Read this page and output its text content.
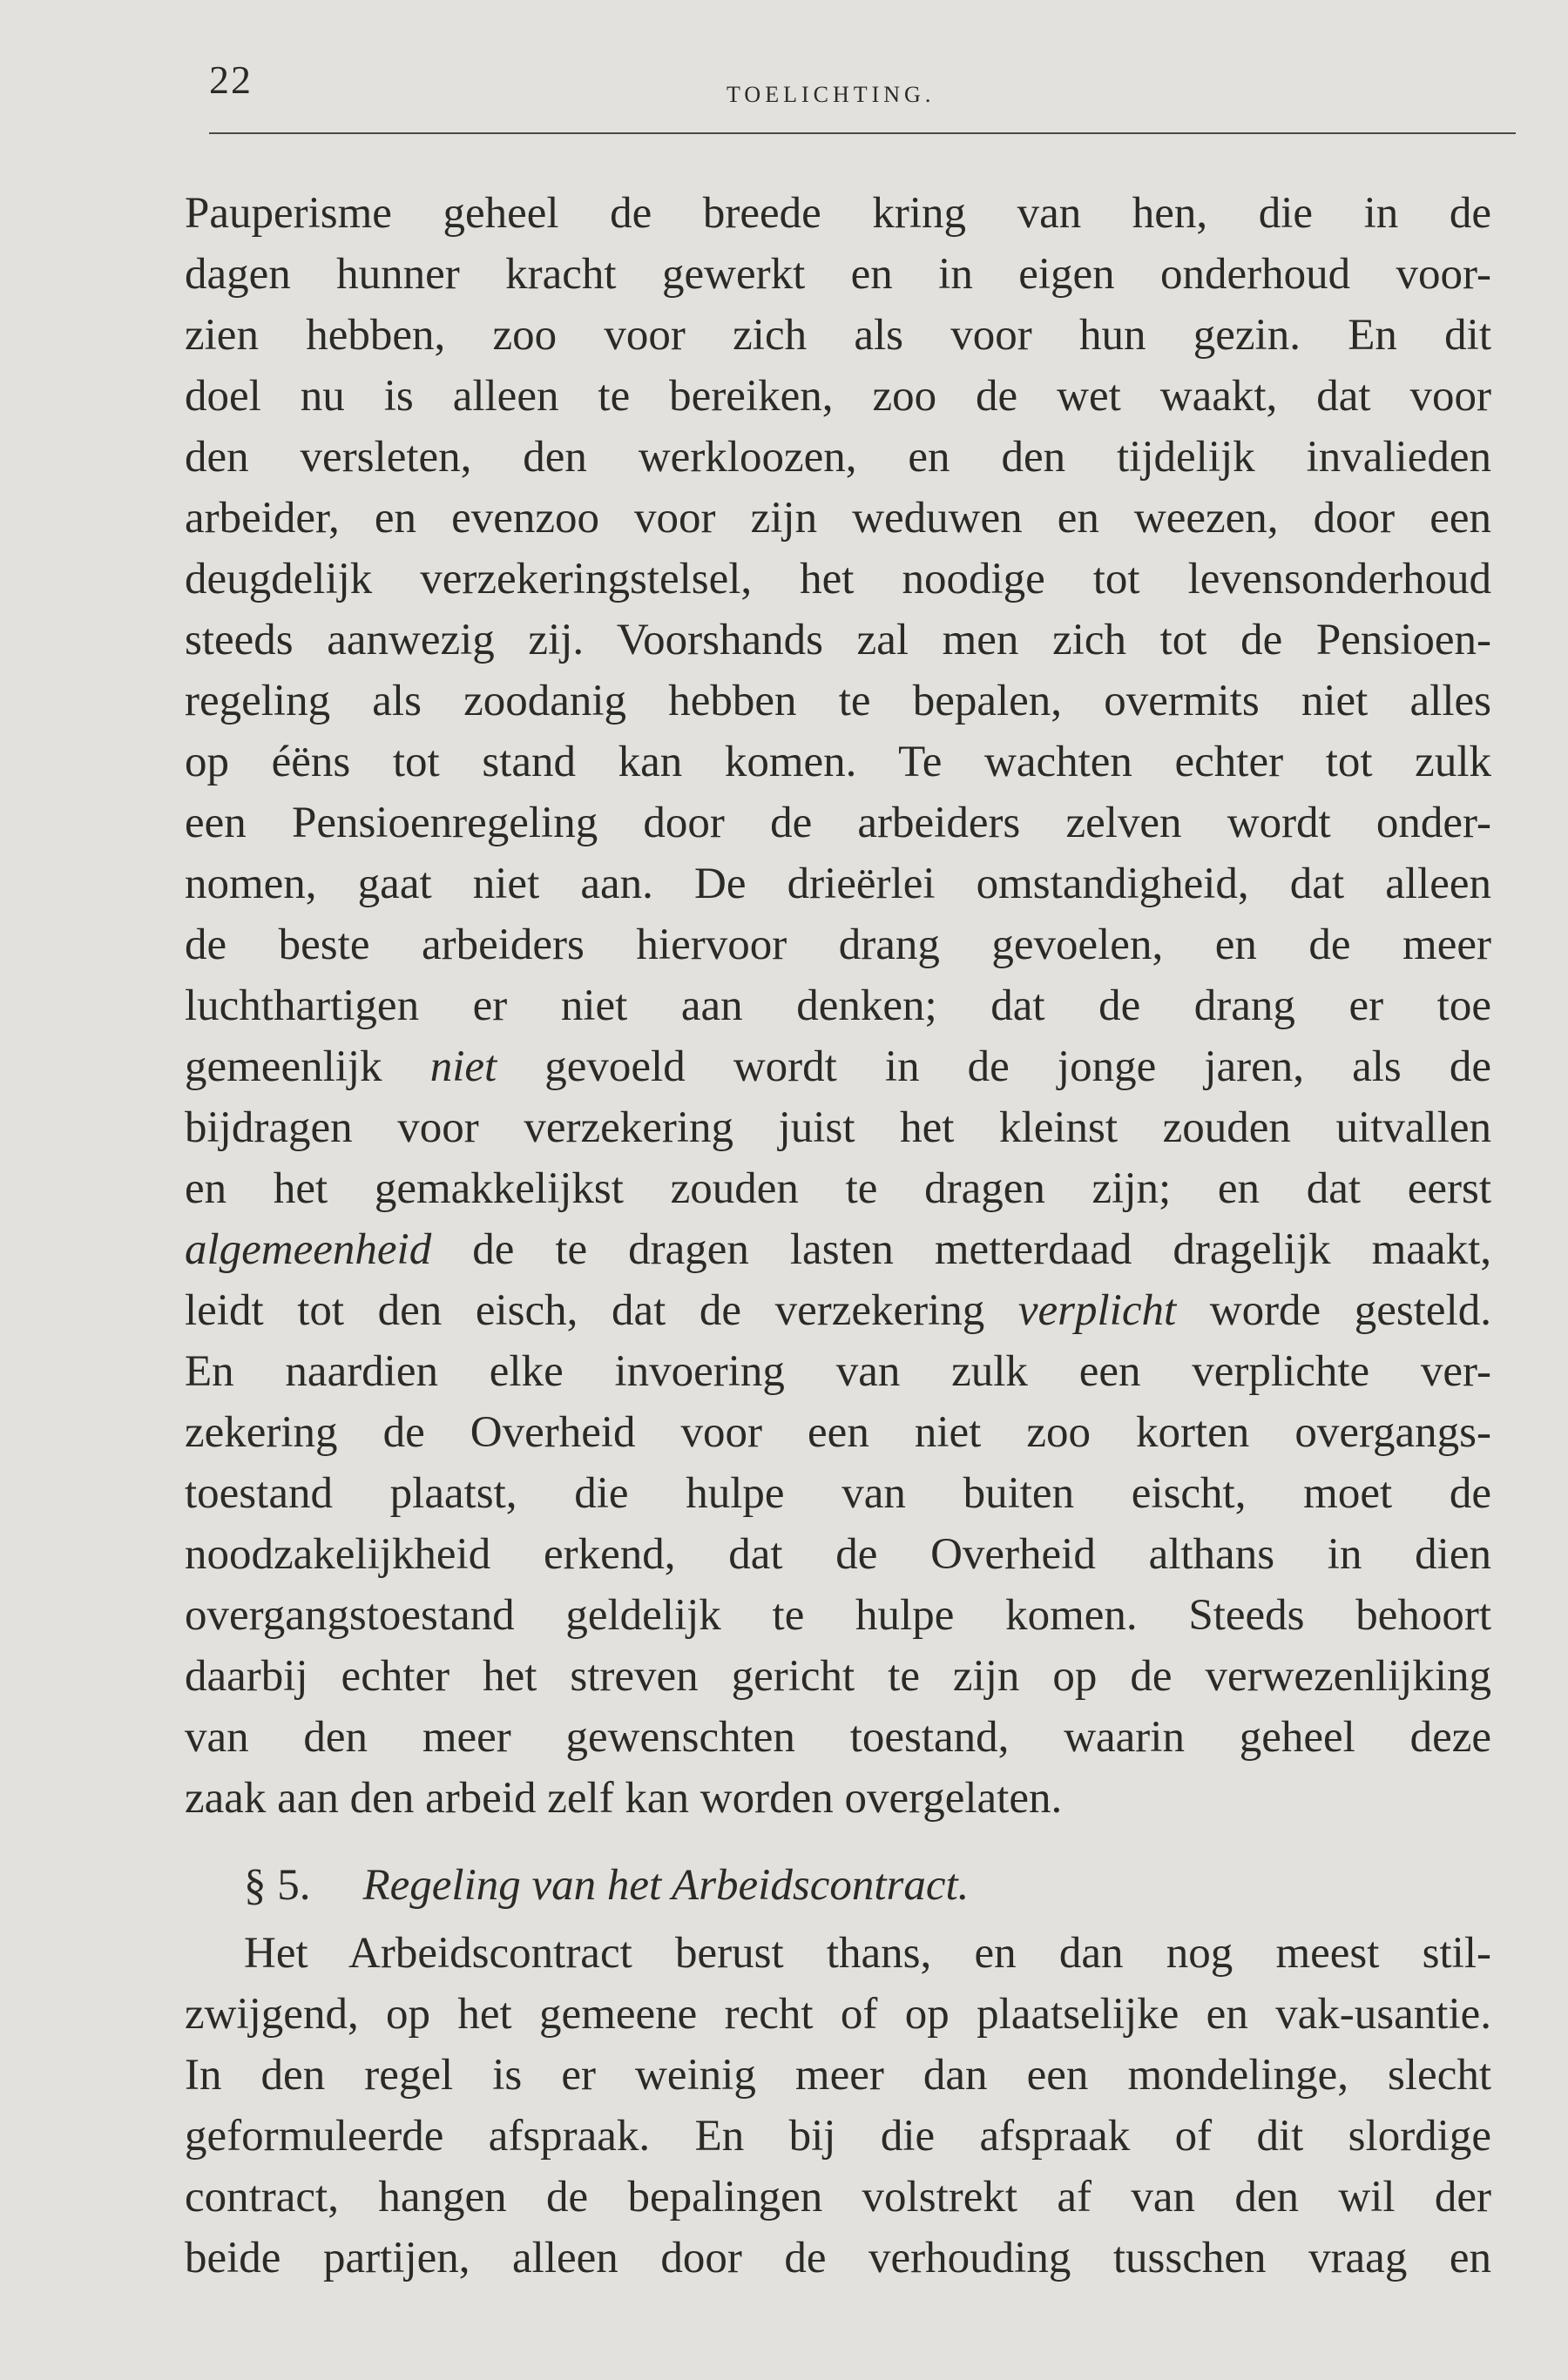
22	TOELICHTING.
Pauperisme geheel de breede kring van hen, die in de
dagen hunner kracht gewerkt en in eigen onderhoud voor-
zien hebben, zoo voor zich als voor hun gezin. En dit
doel nu is alleen te bereiken, zoo de wet waakt, dat voor
den versleten, den werkloozen, en den tijdelijk invalieden
arbeider, en evenzoo voor zijn weduwen en weezen, door een
deugdelijk verzekeringstelsel, het noodige tot levensonderhoud
steeds aanwezig zij. Voorshands zal men zich tot de Pensioen-
regeling als zoodanig hebben te bepalen, overmits niet alles
op éëns tot stand kan komen. Te wachten echter tot zulk
een Pensioenregeling door de arbeiders zelven wordt onder-
nomen, gaat niet aan. De drieërlei omstandigheid, dat alleen
de beste arbeiders hiervoor drang gevoelen, en de meer
luchthartigen er niet aan denken; dat de drang er toe
gemeenlijk niet gevoeld wordt in de jonge jaren, als de
bijdragen voor verzekering juist het kleinst zouden uitvallen
en het gemakkelijkst zouden te dragen zijn; en dat eerst
algemeenheid de te dragen lasten metterdaad dragelijk maakt,
leidt tot den eisch, dat de verzekering verplicht worde gesteld.
En naardien elke invoering van zulk een verplichte ver-
zekering de Overheid voor een niet zoo korten overgangs-
toestand plaatst, die hulpe van buiten eischt, moet de
noodzakelijkheid erkend, dat de Overheid althans in dien
overgangstoestand geldelijk te hulpe komen. Steeds behoort
daarbij echter het streven gericht te zijn op de verwezenlijking
van den meer gewenschten toestand, waarin geheel deze
zaak aan den arbeid zelf kan worden overgelaten.
§ 5. Regeling van het Arbeidscontract.
Het Arbeidscontract berust thans, en dan nog meest stil-
zwijgend, op het gemeene recht of op plaatselijke en vak-usantie.
In den regel is er weinig meer dan een mondelinge, slecht
geformuleerde afspraak. En bij die afspraak of dit slordige
contract, hangen de bepalingen volstrekt af van den wil der
beide partijen, alleen door de verhouding tusschen vraag en
